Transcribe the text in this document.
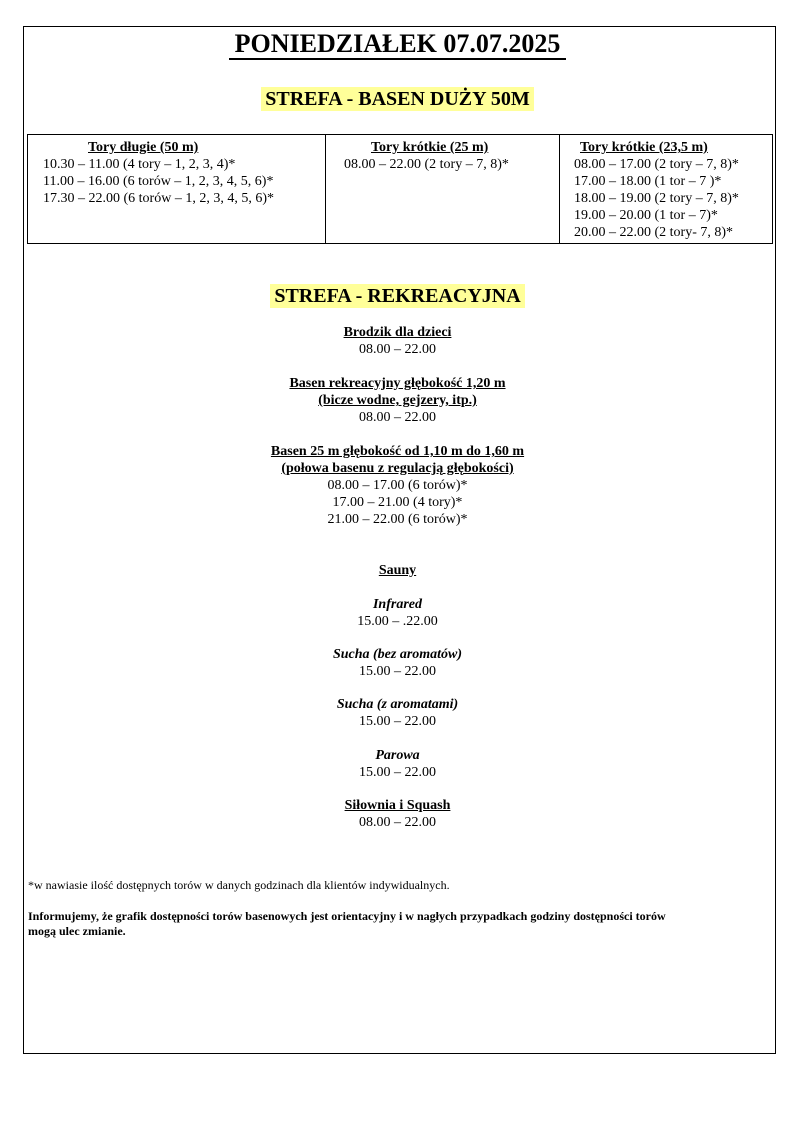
PONIEDZIAŁEK 07.07.2025
STREFA - BASEN DUŻY 50M
Tory długie (50 m)
10.30 – 11.00 (4 tory – 1, 2, 3, 4)*
11.00 – 16.00 (6 torów – 1, 2, 3, 4, 5, 6)*
17.30 – 22.00 (6 torów – 1, 2, 3, 4, 5, 6)*

Tory krótkie (25 m)
08.00 – 22.00 (2 tory – 7, 8)*

Tory krótkie (23,5 m)
08.00 – 17.00 (2 tory – 7, 8)*
17.00 – 18.00 (1 tor – 7 )*
18.00 – 19.00 (2 tory – 7, 8)*
19.00 – 20.00 (1 tor – 7)*
20.00 – 22.00 (2 tory- 7, 8)*
STREFA - REKREACYJNA
Brodzik dla dzieci
08.00 – 22.00
Basen rekreacyjny głębokość 1,20 m
(bicze wodne, gejzery, itp.)
08.00 – 22.00
Basen 25 m głębokość od 1,10 m do 1,60 m
(połowa basenu z regulacją głębokości)
08.00 – 17.00 (6 torów)*
17.00 – 21.00 (4 tory)*
21.00 – 22.00 (6 torów)*
Sauny
Infrared
15.00 – .22.00
Sucha (bez aromatów)
15.00 – 22.00
Sucha (z aromatami)
15.00 – 22.00
Parowa
15.00 – 22.00
Siłownia i Squash
08.00 – 22.00
*w nawiasie ilość dostępnych torów w danych godzinach dla klientów indywidualnych.
Informujemy, że grafik dostępności torów basenowych jest orientacyjny i w nagłych przypadkach godziny dostępności torów
mogą ulec zmianie.
